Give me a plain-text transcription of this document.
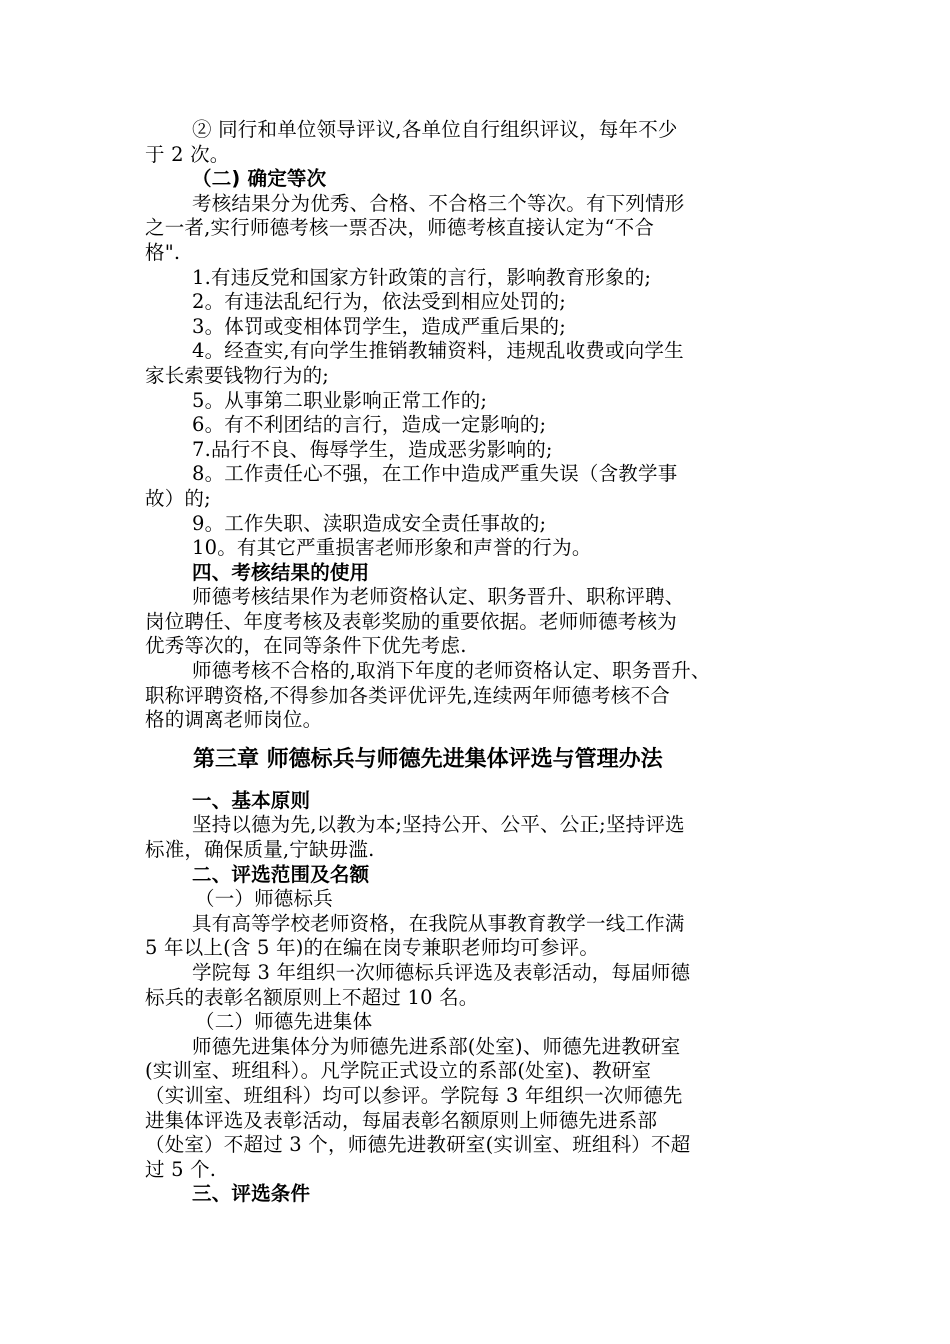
② 同行和单位领导评议,各单位自行组织评议，每年不少
于 2 次。
（二) 确定等次
考核结果分为优秀、合格、不合格三个等次。有下列情形
之一者,实行师德考核一票否决，师德考核直接认定为“不合
格".
1.有违反党和国家方针政策的言行，影响教育形象的;
2。有违法乱纪行为，依法受到相应处罚的;
3。体罚或变相体罚学生，造成严重后果的;
4。经查实,有向学生推销教辅资料，违规乱收费或向学生
家长索要钱物行为的;
5。从事第二职业影响正常工作的;
6。有不利团结的言行，造成一定影响的;
7.品行不良、侮辱学生，造成恶劣影响的;
8。工作责任心不强，在工作中造成严重失误（含教学事
故）的;
9。工作失职、渎职造成安全责任事故的;
10。有其它严重损害老师形象和声誉的行为。
四、考核结果的使用
师德考核结果作为老师资格认定、职务晋升、职称评聘、
岗位聘任、年度考核及表彰奖励的重要依据。老师师德考核为
优秀等次的，在同等条件下优先考虑.
师德考核不合格的,取消下年度的老师资格认定、职务晋升、
职称评聘资格,不得参加各类评优评先,连续两年师德考核不合
格的调离老师岗位。
第三章 师德标兵与师德先进集体评选与管理办法
一、基本原则
坚持以德为先,以教为本;坚持公开、公平、公正;坚持评选
标准，确保质量,宁缺毋滥.
二、评选范围及名额
（一）师德标兵
具有高等学校老师资格，在我院从事教育教学一线工作满
5 年以上(含 5 年)的在编在岗专兼职老师均可参评。
学院每 3 年组织一次师德标兵评选及表彰活动，每届师德
标兵的表彰名额原则上不超过 10 名。
（二）师德先进集体
师德先进集体分为师德先进系部(处室)、师德先进教研室
(实训室、班组科）。凡学院正式设立的系部(处室)、教研室
（实训室、班组科）均可以参评。学院每 3 年组织一次师德先
进集体评选及表彰活动，每届表彰名额原则上师德先进系部
（处室）不超过 3 个，师德先进教研室(实训室、班组科）不超
过 5 个.
三、评选条件
